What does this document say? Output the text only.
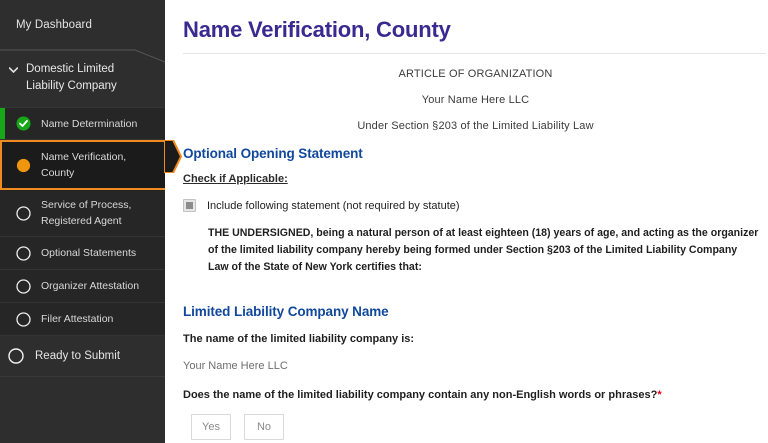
My Dashboard
Domestic Limited Liability Company
Name Determination
Name Verification, County
Service of Process, Registered Agent
Optional Statements
Organizer Attestation
Filer Attestation
Ready to Submit
Name Verification, County
ARTICLE OF ORGANIZATION
Your Name Here LLC
Under Section §203 of the Limited Liability Law
Optional Opening Statement
Check if Applicable:
Include following statement (not required by statute)

THE UNDERSIGNED, being a natural person of at least eighteen (18) years of age, and acting as the organizer of the limited liability company hereby being formed under Section §203 of the Limited Liability Company Law of the State of New York certifies that:

Limited Liability Company Name
The name of the limited liability company is:
Your Name Here LLC
Does the name of the limited liability company contain any non-English words or phrases?*
Yes	No
